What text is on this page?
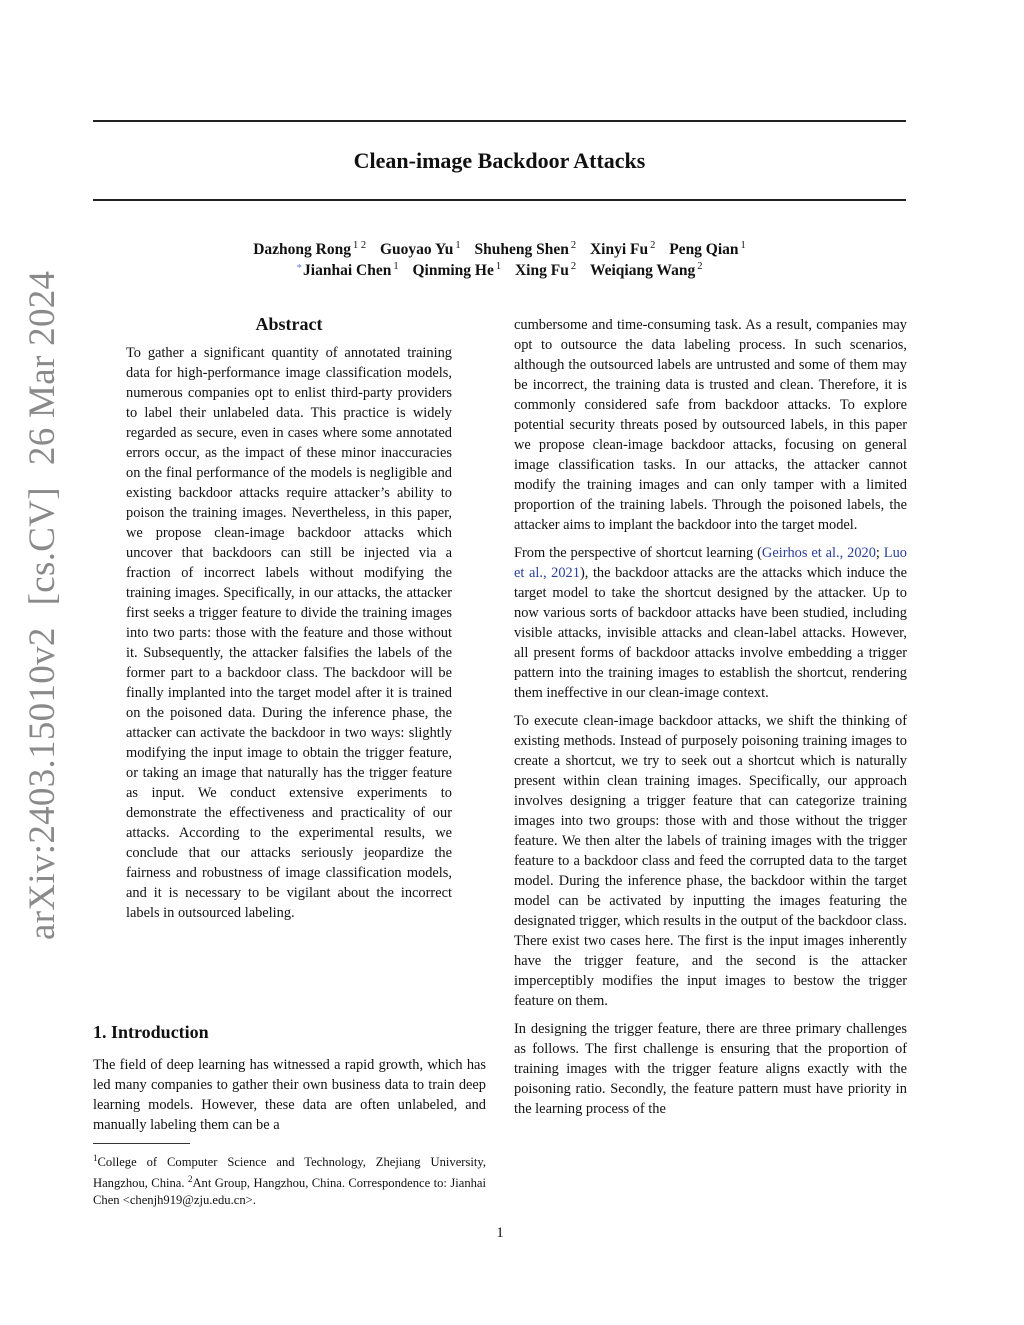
Clean-image Backdoor Attacks
Dazhong Rong $^{1 2}$ Guoyao Yu $^1$ Shuheng Shen $^2$ Xinyi Fu $^2$ Peng Qian $^1$
*Jianhai Chen $^1$ Qinming He $^1$ Xing Fu $^2$ Weiqiang Wang $^2$
arXiv:2403.15010v2[cs.CV]26 Mar 2024	Abstract

To gather a significant quantity of annotated training data for high-performance image classification models, numerous companies opt to enlist third-party providers to label their unlabeled data. This practice is widely regarded as secure, even in cases where some annotated errors occur, as the impact of these minor inaccuracies on the final performance of the models is negligible and existing backdoor attacks require attacker’s ability to poison the training images. Nevertheless, in this paper, we propose clean-image backdoor attacks which uncover that backdoors can still be injected via a fraction of incorrect labels without modifying the training images. Specifically, in our attacks, the attacker first seeks a trigger feature to divide the training images into two parts: those with the feature and those without it. Subsequently, the attacker falsifies the labels of the former part to a backdoor class. The backdoor will be finally implanted into the target model after it is trained on the poisoned data. During the inference phase, the attacker can activate the backdoor in two ways: slightly modifying the input image to obtain the trigger feature, or taking an image that naturally has the trigger feature as input. We conduct extensive experiments to demonstrate the effectiveness and practicality of our attacks. According to the experimental results, we conclude that our attacks seriously jeopardize the fairness and robustness of image classification models, and it is necessary to be vigilant about the incorrect labels in outsourced labeling.

1. Introduction

The field of deep learning has witnessed a rapid growth, which has led many companies to gather their own business data to train deep learning models. However, these data are often unlabeled, and manually labeling them can be a

$^1$College of Computer Science and Technology, Zhejiang University, Hangzhou, China. $^2$Ant Group, Hangzhou, China. Correspondence to: Jianhai Chen <chenjh919@zju.edu.cn>.

cumbersome and time-consuming task. As a result, companies may opt to outsource the data labeling process. In such scenarios, although the outsourced labels are untrusted and some of them may be incorrect, the training data is trusted and clean. Therefore, it is commonly considered safe from backdoor attacks. To explore potential security threats posed by outsourced labels, in this paper we propose clean-image backdoor attacks, focusing on general image classification tasks. In our attacks, the attacker cannot modify the training images and can only tamper with a limited proportion of the training labels. Through the poisoned labels, the attacker aims to implant the backdoor into the target model.

From the perspective of shortcut learning (Geirhos et al., 2020; Luo et al., 2021), the backdoor attacks are the attacks which induce the target model to take the shortcut designed by the attacker. Up to now various sorts of backdoor attacks have been studied, including visible attacks, invisible attacks and clean-label attacks. However, all present forms of backdoor attacks involve embedding a trigger pattern into the training images to establish the shortcut, rendering them ineffective in our clean-image context.

To execute clean-image backdoor attacks, we shift the thinking of existing methods. Instead of purposely poisoning training images to create a shortcut, we try to seek out a shortcut which is naturally present within clean training images. Specifically, our approach involves designing a trigger feature that can categorize training images into two groups: those with and those without the trigger feature. We then alter the labels of training images with the trigger feature to a backdoor class and feed the corrupted data to the target model. During the inference phase, the backdoor within the target model can be activated by inputting the images featuring the designated trigger, which results in the output of the backdoor class. There exist two cases here. The first is the input images inherently have the trigger feature, and the second is the attacker imperceptibly modifies the input images to bestow the trigger feature on them.

In designing the trigger feature, there are three primary challenges as follows. The first challenge is ensuring that the proportion of training images with the trigger feature aligns exactly with the poisoning ratio. Secondly, the feature pattern must have priority in the learning process of the

1
